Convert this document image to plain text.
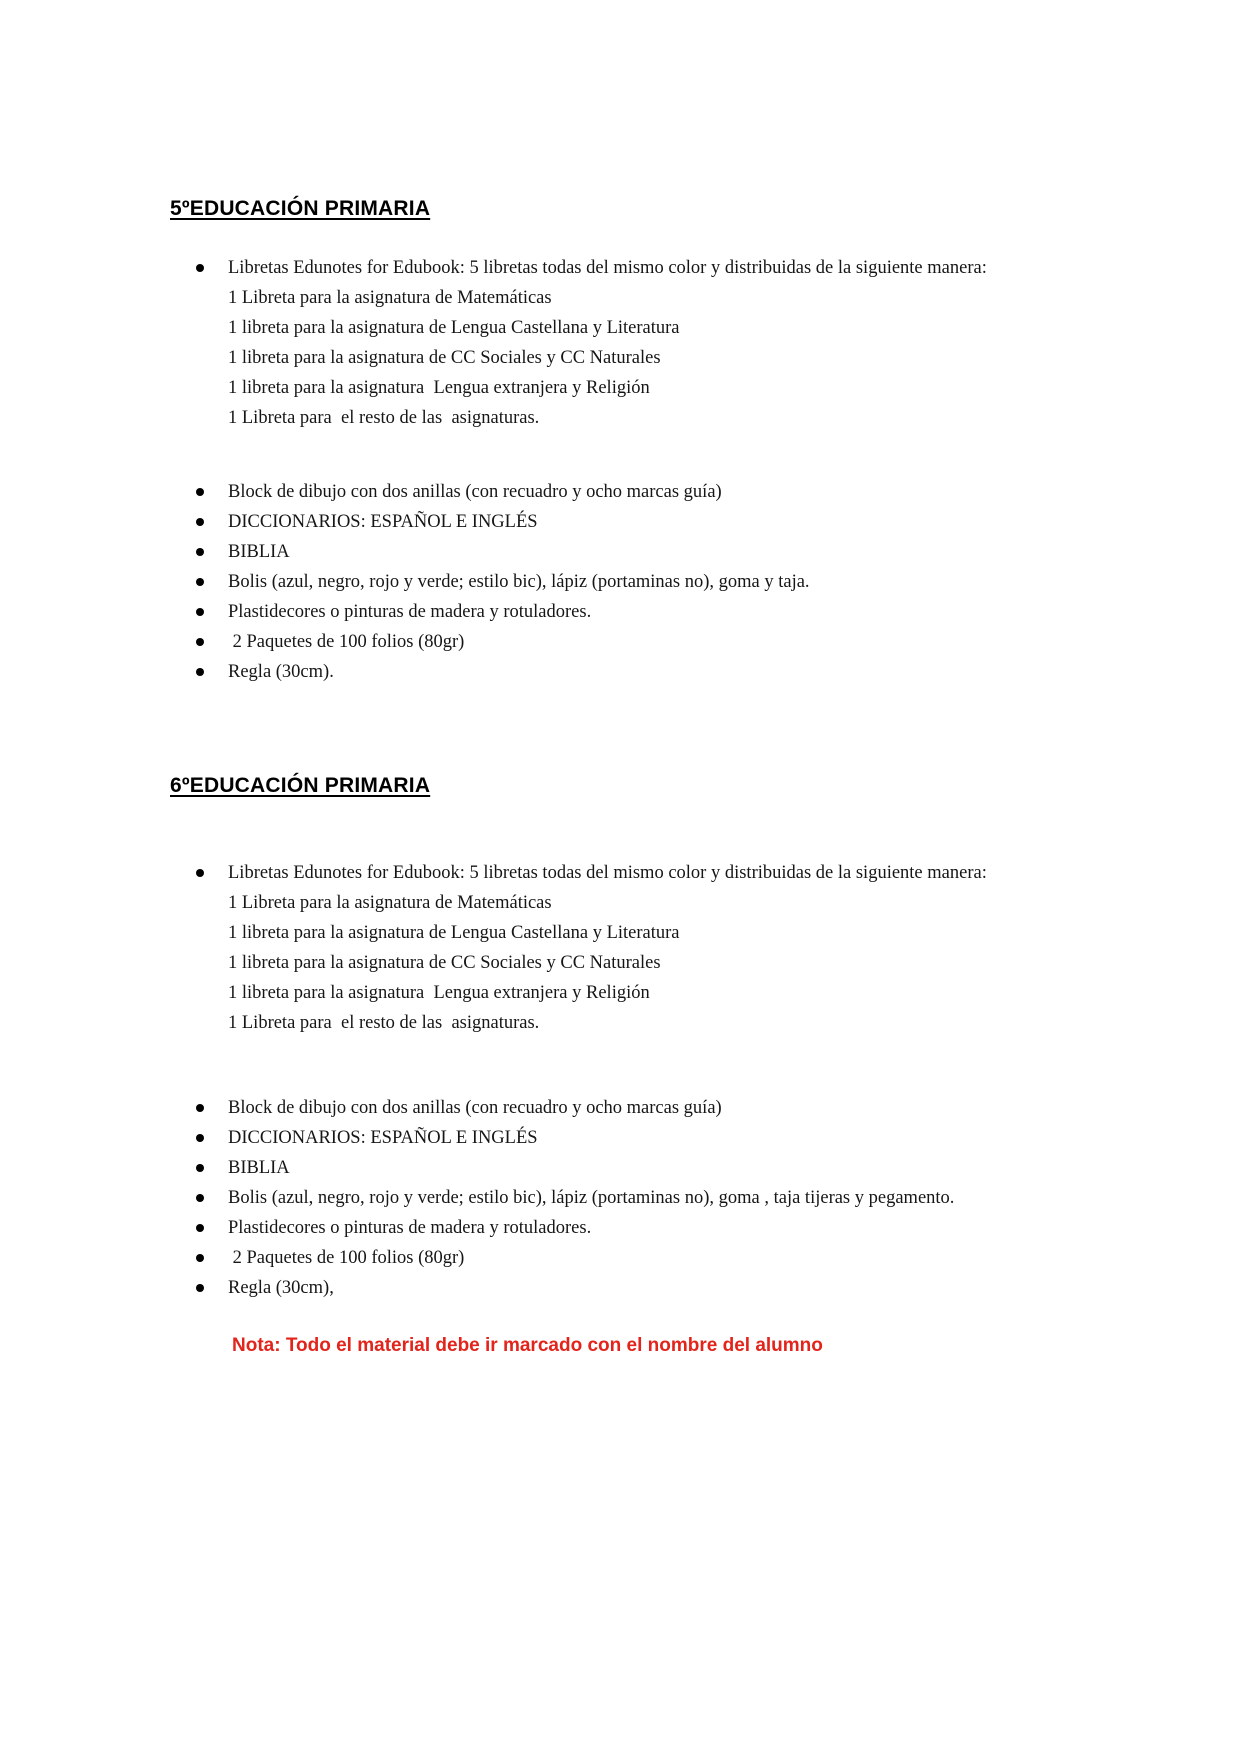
5ºEDUCACIÓN PRIMARIA
Libretas Edunotes for Edubook: 5 libretas todas del mismo color y distribuidas de la siguiente manera:
1 Libreta para la asignatura de Matemáticas
1 libreta para la asignatura de Lengua Castellana y Literatura
1 libreta para la asignatura de CC Sociales y CC Naturales
1 libreta para la asignatura  Lengua extranjera y Religión
1 Libreta para  el resto de las  asignaturas.
Block de dibujo con dos anillas (con recuadro y ocho marcas guía)
DICCIONARIOS: ESPAÑOL E INGLÉS
BIBLIA
Bolis (azul, negro, rojo y verde; estilo bic), lápiz (portaminas no), goma y taja.
Plastidecores o pinturas de madera y rotuladores.
2 Paquetes de 100 folios (80gr)
Regla (30cm).
6ºEDUCACIÓN PRIMARIA
Libretas Edunotes for Edubook: 5 libretas todas del mismo color y distribuidas de la siguiente manera:
1 Libreta para la asignatura de Matemáticas
1 libreta para la asignatura de Lengua Castellana y Literatura
1 libreta para la asignatura de CC Sociales y CC Naturales
1 libreta para la asignatura  Lengua extranjera y Religión
1 Libreta para  el resto de las  asignaturas.
Block de dibujo con dos anillas (con recuadro y ocho marcas guía)
DICCIONARIOS: ESPAÑOL E INGLÉS
BIBLIA
Bolis (azul, negro, rojo y verde; estilo bic), lápiz (portaminas no), goma , taja tijeras y pegamento.
Plastidecores o pinturas de madera y rotuladores.
2 Paquetes de 100 folios (80gr)
Regla (30cm),
Nota: Todo el material debe ir marcado con el nombre del alumno
